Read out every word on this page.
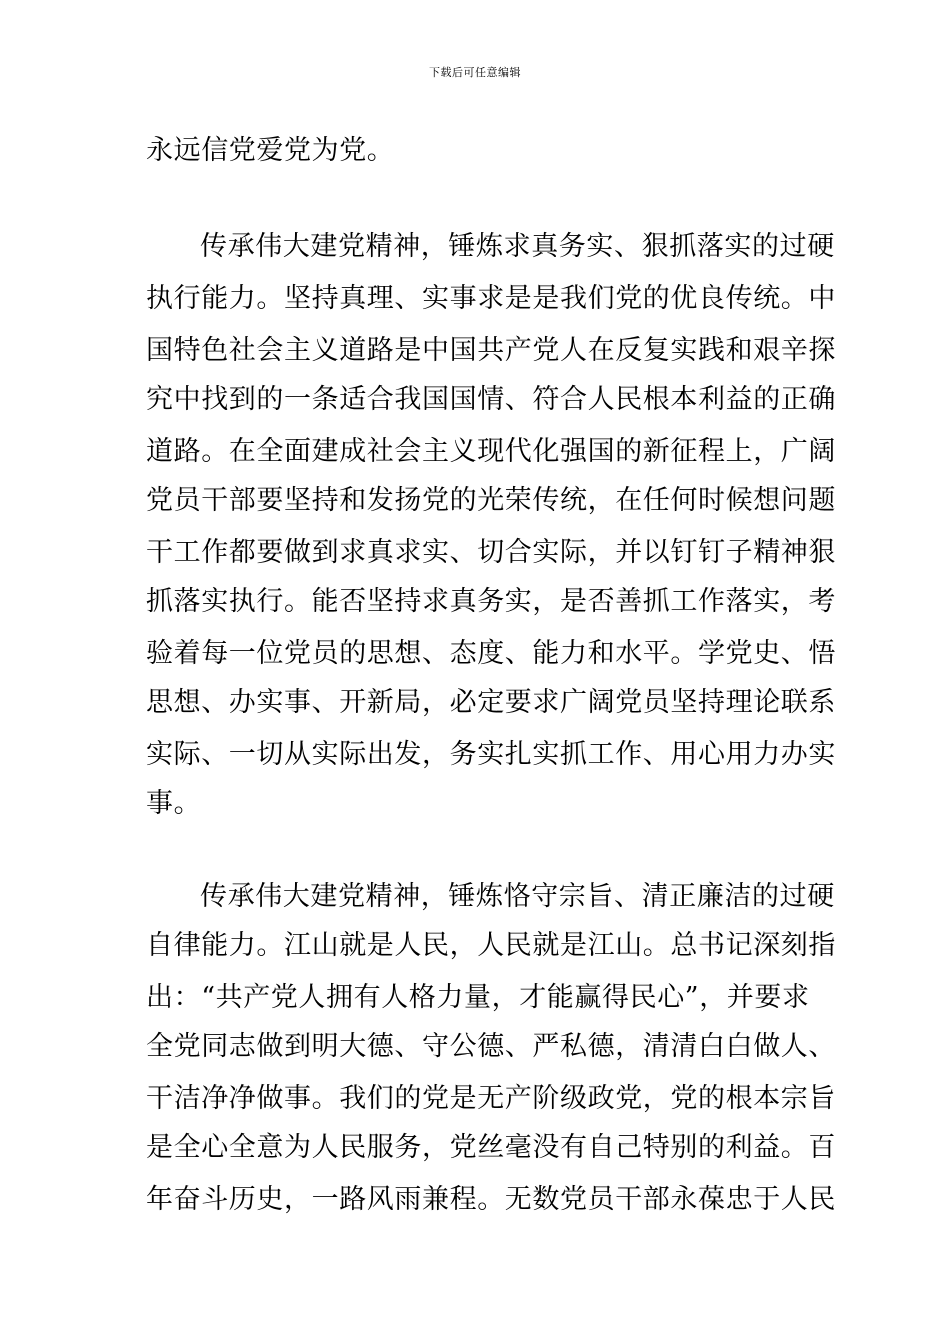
下载后可任意编辑
永远信党爱党为党。
传承伟大建党精神，锤炼求真务实、狠抓落实的过硬
执行能力。坚持真理、实事求是是我们党的优良传统。中
国特色社会主义道路是中国共产党人在反复实践和艰辛探
究中找到的一条适合我国国情、符合人民根本利益的正确
道路。在全面建成社会主义现代化强国的新征程上，广阔
党员干部要坚持和发扬党的光荣传统，在任何时候想问题
干工作都要做到求真求实、切合实际，并以钉钉子精神狠
抓落实执行。能否坚持求真务实，是否善抓工作落实，考
验着每一位党员的思想、态度、能力和水平。学党史、悟
思想、办实事、开新局，必定要求广阔党员坚持理论联系
实际、一切从实际出发，务实扎实抓工作、用心用力办实
事。
传承伟大建党精神，锤炼恪守宗旨、清正廉洁的过硬
自律能力。江山就是人民，人民就是江山。总书记深刻指
出：“共产党人拥有人格力量，才能赢得民心”，并要求
全党同志做到明大德、守公德、严私德，清清白白做人、
干洁净净做事。我们的党是无产阶级政党，党的根本宗旨
是全心全意为人民服务，党丝毫没有自己特别的利益。百
年奋斗历史，一路风雨兼程。无数党员干部永葆忠于人民
